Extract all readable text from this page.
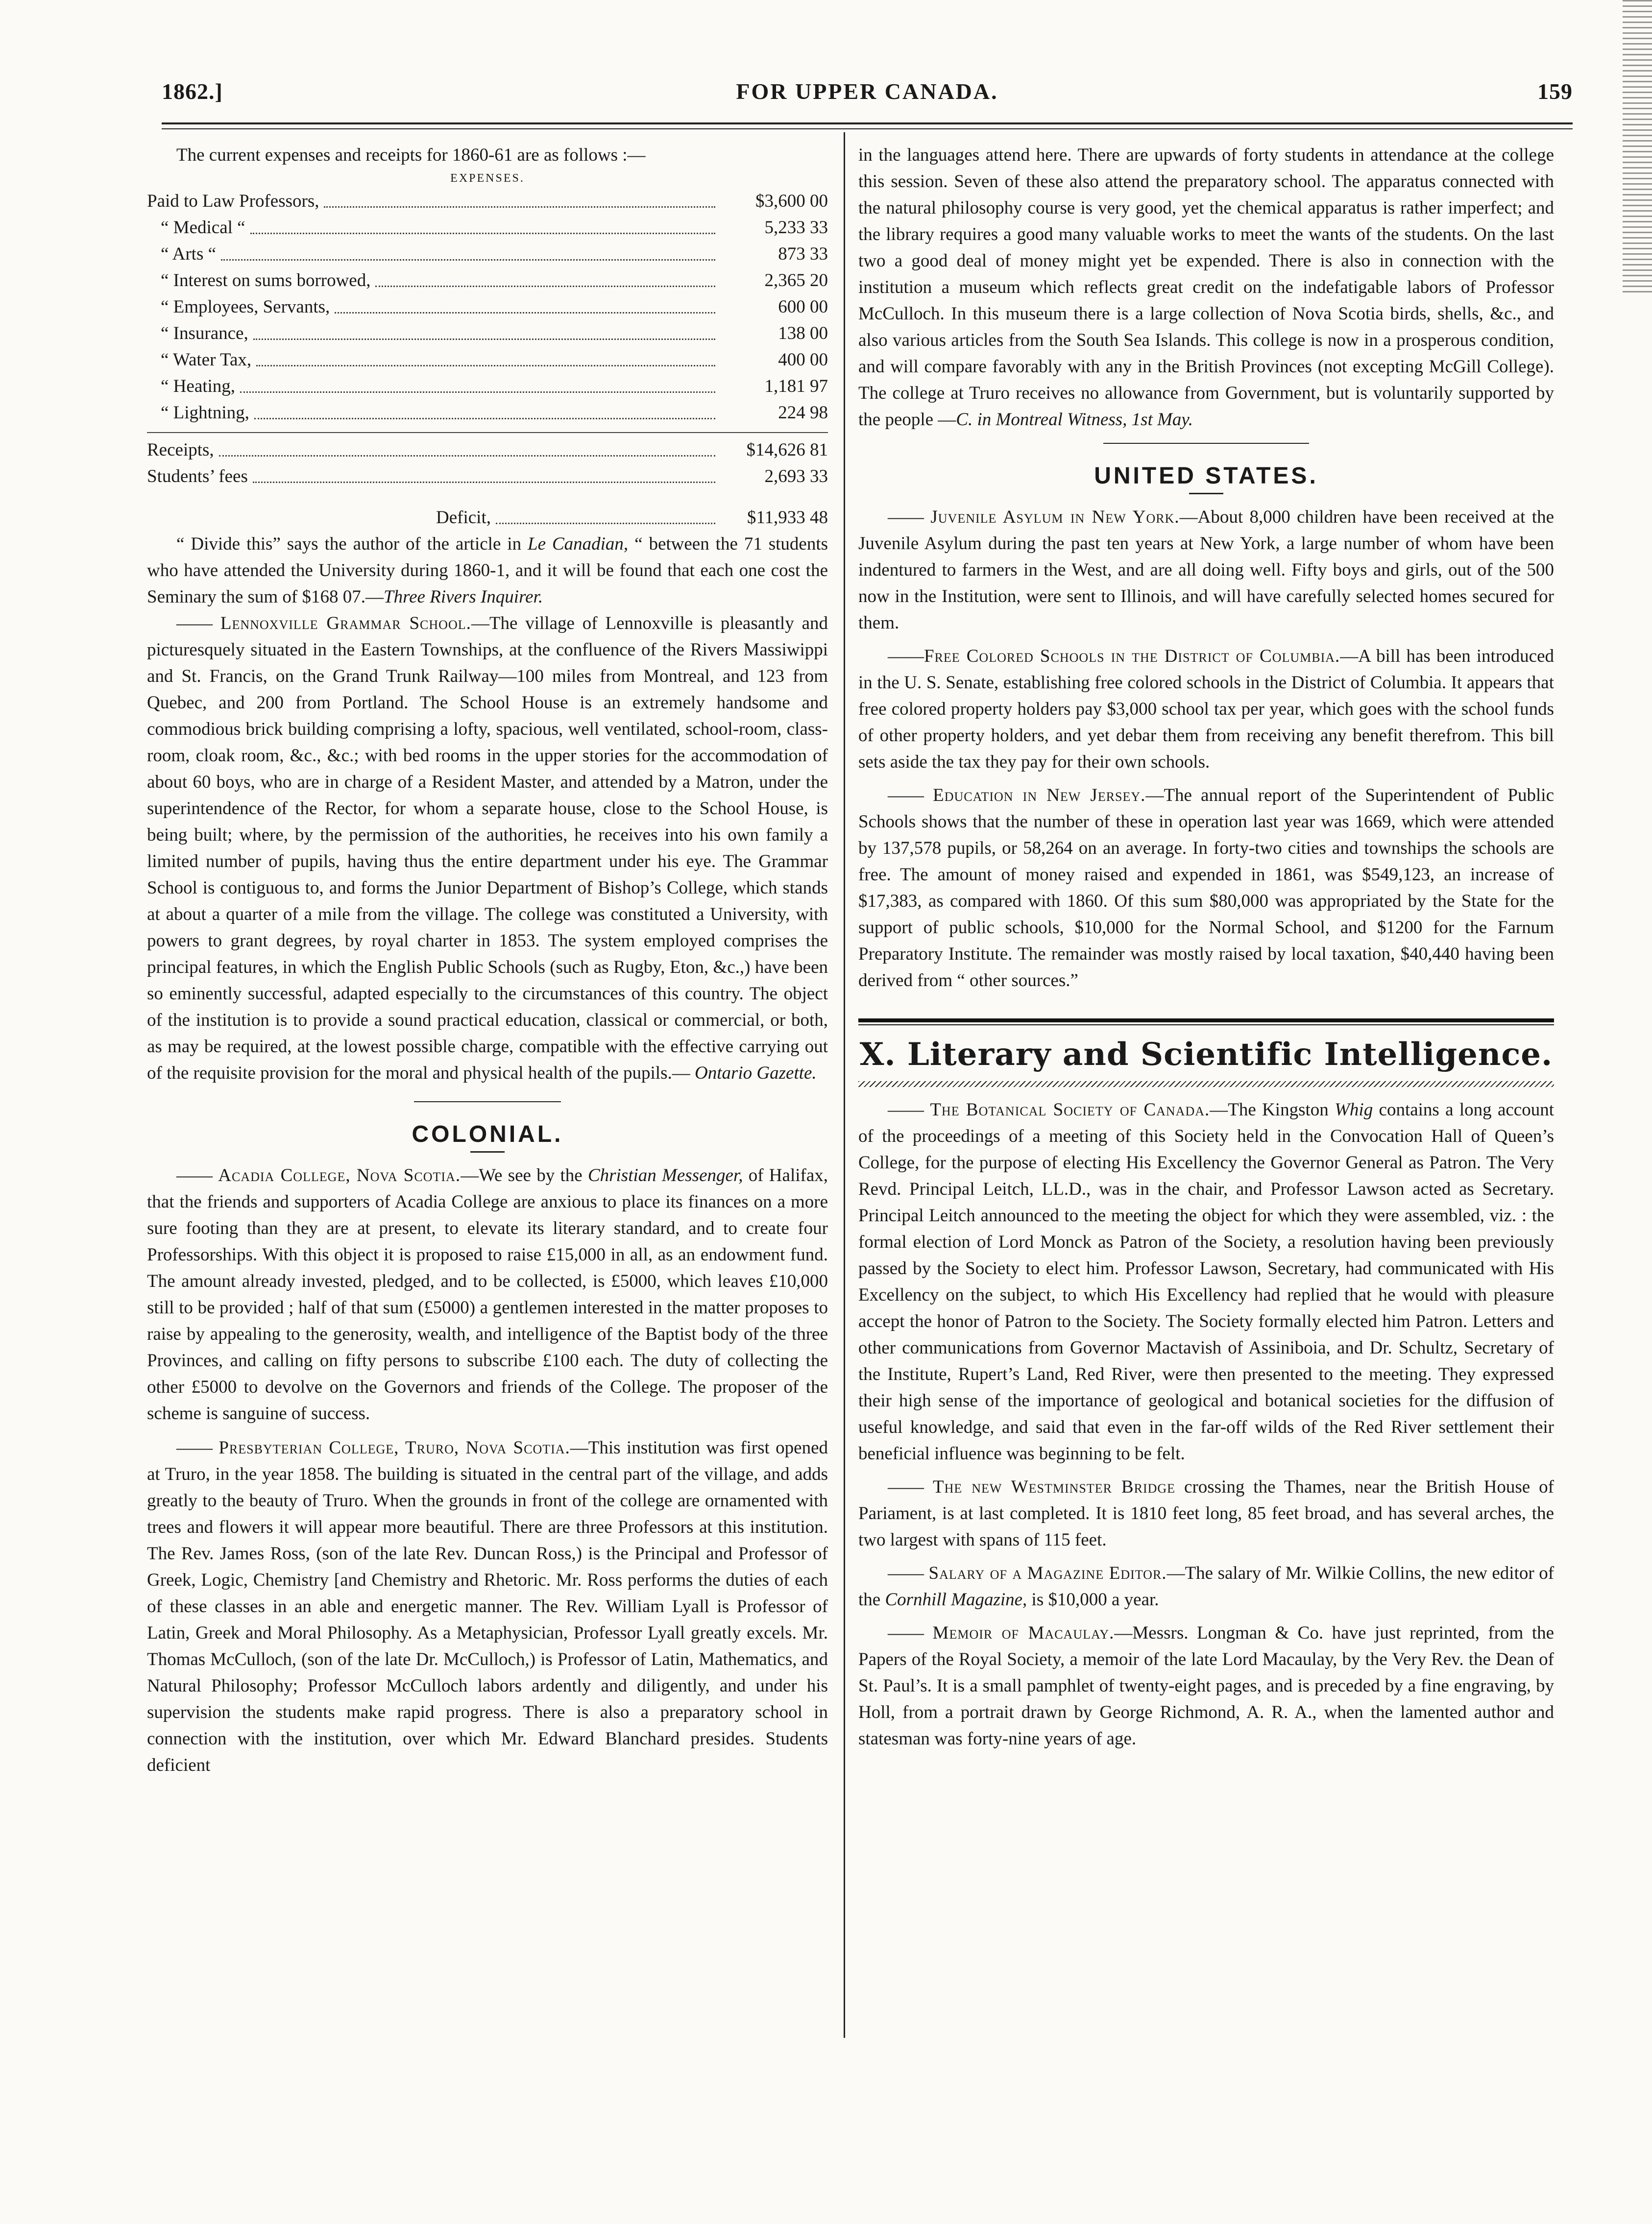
1862.]	FOR UPPER CANADA.	159

The current expenses and receipts for 1860-61 are as follows :—

EXPENSES.

Paid to Law Professors,	$3,600 00
“ Medical “	5,233 33
“ Arts “	873 33
“ Interest on sums borrowed,	2,365 20
“ Employees, Servants,	600 00
“ Insurance,	138 00
“ Water Tax,	400 00
“ Heating,	1,181 97
“ Lightning,	224 98
Receipts,	$14,626 81
Students’ fees	2,693 33
Deficit,	$11,933 48

“ Divide this” says the author of the article in Le Canadian, “ between the 71 students who have attended the University during 1860-1, and it will be found that each one cost the Seminary the sum of $168 07.—Three Rivers Inquirer.

—— Lennoxville Grammar School.—The village of Lennoxville is pleasantly and picturesquely situated in the Eastern Townships, at the confluence of the Rivers Massiwippi and St. Francis, on the Grand Trunk Railway—100 miles from Montreal, and 123 from Quebec, and 200 from Portland. The School House is an extremely handsome and commodious brick building comprising a lofty, spacious, well ventilated, school-room, class-room, cloak room, &c., &c.; with bed rooms in the upper stories for the accommodation of about 60 boys, who are in charge of a Resident Master, and attended by a Matron, under the superintendence of the Rector, for whom a separate house, close to the School House, is being built; where, by the permission of the authorities, he receives into his own family a limited number of pupils, having thus the entire department under his eye. The Grammar School is contiguous to, and forms the Junior Department of Bishop’s College, which stands at about a quarter of a mile from the village. The college was constituted a University, with powers to grant degrees, by royal charter in 1853. The system employed comprises the principal features, in which the English Public Schools (such as Rugby, Eton, &c.,) have been so eminently successful, adapted especially to the circumstances of this country. The object of the institution is to provide a sound practical education, classical or commercial, or both, as may be required, at the lowest possible charge, compatible with the effective carrying out of the requisite provision for the moral and physical health of the pupils.— Ontario Gazette.

COLONIAL.

—— Acadia College, Nova Scotia.—We see by the Christian Messenger, of Halifax, that the friends and supporters of Acadia College are anxious to place its finances on a more sure footing than they are at present, to elevate its literary standard, and to create four Professorships. With this object it is proposed to raise £15,000 in all, as an endowment fund. The amount already invested, pledged, and to be collected, is £5000, which leaves £10,000 still to be provided ; half of that sum (£5000) a gentlemen interested in the matter proposes to raise by appealing to the generosity, wealth, and intelligence of the Baptist body of the three Provinces, and calling on fifty persons to subscribe £100 each. The duty of collecting the other £5000 to devolve on the Governors and friends of the College. The proposer of the scheme is sanguine of success.

—— Presbyterian College, Truro, Nova Scotia.—This institution was first opened at Truro, in the year 1858. The building is situated in the central part of the village, and adds greatly to the beauty of Truro. When the grounds in front of the college are ornamented with trees and flowers it will appear more beautiful. There are three Professors at this institution. The Rev. James Ross, (son of the late Rev. Duncan Ross,) is the Principal and Professor of Greek, Logic, Chemistry [and Chemistry and Rhetoric. Mr. Ross performs the duties of each of these classes in an able and energetic manner. The Rev. William Lyall is Professor of Latin, Greek and Moral Philosophy. As a Metaphysician, Professor Lyall greatly excels. Mr. Thomas McCulloch, (son of the late Dr. McCulloch,) is Professor of Latin, Mathematics, and Natural Philosophy; Professor McCulloch labors ardently and diligently, and under his supervision the students make rapid progress. There is also a preparatory school in connection with the institution, over which Mr. Edward Blanchard presides. Students deficient

in the languages attend here. There are upwards of forty students in attendance at the college this session. Seven of these also attend the preparatory school. The apparatus connected with the natural philosophy course is very good, yet the chemical apparatus is rather imperfect; and the library requires a good many valuable works to meet the wants of the students. On the last two a good deal of money might yet be expended. There is also in connection with the institution a museum which reflects great credit on the indefatigable labors of Professor McCulloch. In this museum there is a large collection of Nova Scotia birds, shells, &c., and also various articles from the South Sea Islands. This college is now in a prosperous condition, and will compare favorably with any in the British Provinces (not excepting McGill College). The college at Truro receives no allowance from Government, but is voluntarily supported by the people —C. in Montreal Witness, 1st May.

UNITED STATES.

—— Juvenile Asylum in New York.—About 8,000 children have been received at the Juvenile Asylum during the past ten years at New York, a large number of whom have been indentured to farmers in the West, and are all doing well. Fifty boys and girls, out of the 500 now in the Institution, were sent to Illinois, and will have carefully selected homes secured for them.

——Free Colored Schools in the District of Columbia.—A bill has been introduced in the U. S. Senate, establishing free colored schools in the District of Columbia. It appears that free colored property holders pay $3,000 school tax per year, which goes with the school funds of other property holders, and yet debar them from receiving any benefit therefrom. This bill sets aside the tax they pay for their own schools.

—— Education in New Jersey.—The annual report of the Superintendent of Public Schools shows that the number of these in operation last year was 1669, which were attended by 137,578 pupils, or 58,264 on an average. In forty-two cities and townships the schools are free. The amount of money raised and expended in 1861, was $549,123, an increase of $17,383, as compared with 1860. Of this sum $80,000 was appropriated by the State for the support of public schools, $10,000 for the Normal School, and $1200 for the Farnum Preparatory Institute. The remainder was mostly raised by local taxation, $40,440 having been derived from “ other sources.”

X. Literary and Scientific Intelligence.

—— The Botanical Society of Canada.—The Kingston Whig contains a long account of the proceedings of a meeting of this Society held in the Convocation Hall of Queen’s College, for the purpose of electing His Excellency the Governor General as Patron. The Very Revd. Principal Leitch, LL.D., was in the chair, and Professor Lawson acted as Secretary. Principal Leitch announced to the meeting the object for which they were assembled, viz. : the formal election of Lord Monck as Patron of the Society, a resolution having been previously passed by the Society to elect him. Professor Lawson, Secretary, had communicated with His Excellency on the subject, to which His Excellency had replied that he would with pleasure accept the honor of Patron to the Society. The Society formally elected him Patron. Letters and other communications from Governor Mactavish of Assiniboia, and Dr. Schultz, Secretary of the Institute, Rupert’s Land, Red River, were then presented to the meeting. They expressed their high sense of the importance of geological and botanical societies for the diffusion of useful knowledge, and said that even in the far-off wilds of the Red River settlement their beneficial influence was beginning to be felt.

—— The new Westminster Bridge crossing the Thames, near the British House of Pariament, is at last completed. It is 1810 feet long, 85 feet broad, and has several arches, the two largest with spans of 115 feet.

—— Salary of a Magazine Editor.—The salary of Mr. Wilkie Collins, the new editor of the Cornhill Magazine, is $10,000 a year.

—— Memoir of Macaulay.—Messrs. Longman & Co. have just reprinted, from the Papers of the Royal Society, a memoir of the late Lord Macaulay, by the Very Rev. the Dean of St. Paul’s. It is a small pamphlet of twenty-eight pages, and is preceded by a fine engraving, by Holl, from a portrait drawn by George Richmond, A. R. A., when the lamented author and statesman was forty-nine years of age.
